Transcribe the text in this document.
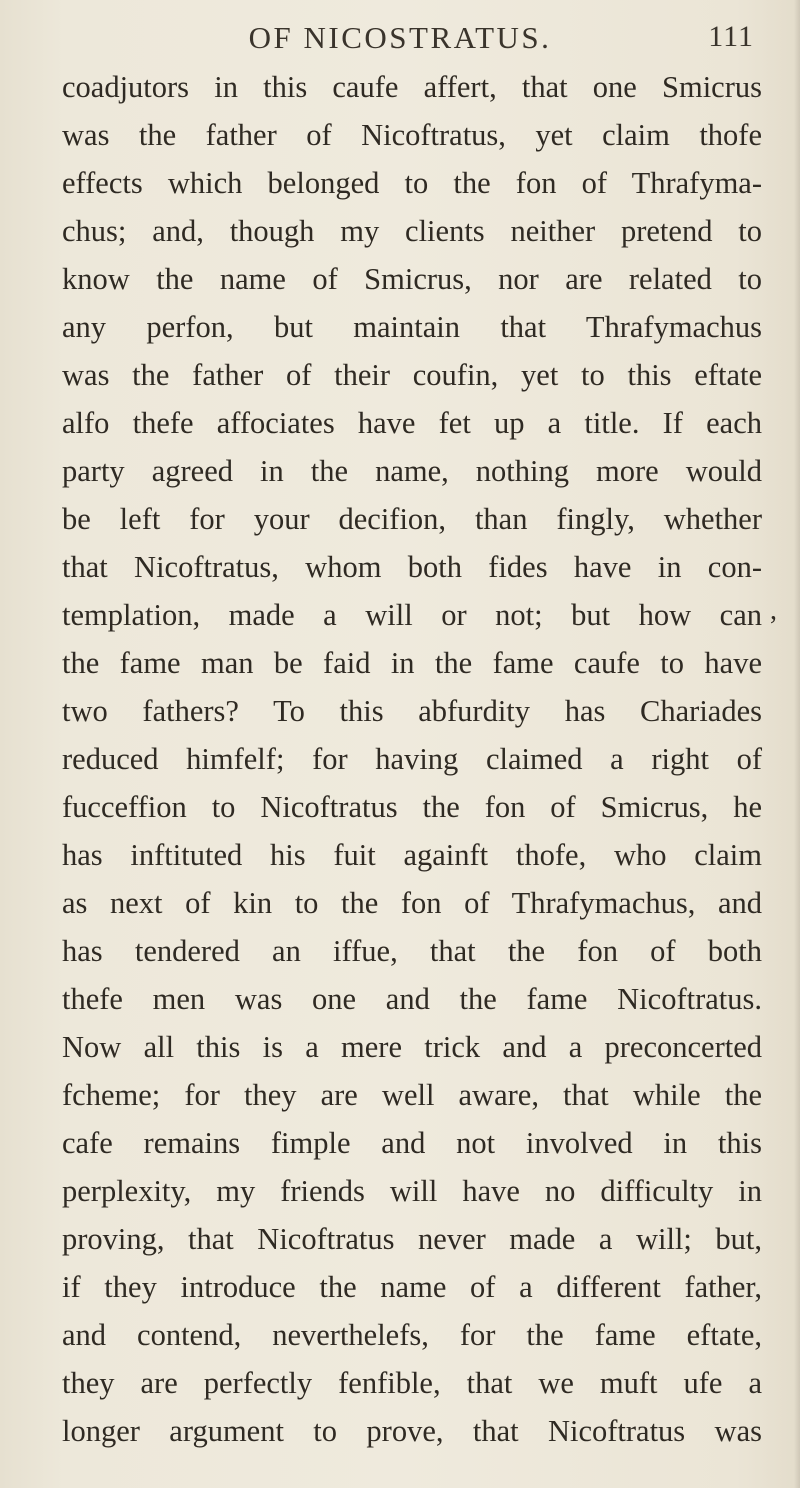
OF NICOSTRATUS.	111
coadjutors in this caufe affert, that one Smicrus
was the father of Nicoftratus, yet claim thofe
effects which belonged to the fon of Thrafyma-
chus; and, though my clients neither pretend to
know the name of Smicrus, nor are related to
any perfon, but maintain that Thrafymachus
was the father of their coufin, yet to this eftate
alfo thefe affociates have fet up a title. If each
party agreed in the name, nothing more would
be left for your decifion, than fingly, whether
that Nicoftratus, whom both fides have in con-
templation, made a will or not; but how can
the fame man be faid in the fame caufe to have
two fathers? To this abfurdity has Chariades
reduced himfelf; for having claimed a right of
fucceffion to Nicoftratus the fon of Smicrus, he
has inftituted his fuit againft thofe, who claim
as next of kin to the fon of Thrafymachus, and
has tendered an iffue, that the fon of both
thefe men was one and the fame Nicoftratus.
Now all this is a mere trick and a preconcerted
fcheme; for they are well aware, that while the
cafe remains fimple and not involved in this
perplexity, my friends will have no difficulty in
proving, that Nicoftratus never made a will; but,
if they introduce the name of a different father,
and contend, neverthelefs, for the fame eftate,
they are perfectly fenfible, that we muft ufe a
longer argument to prove, that Nicoftratus was
,
